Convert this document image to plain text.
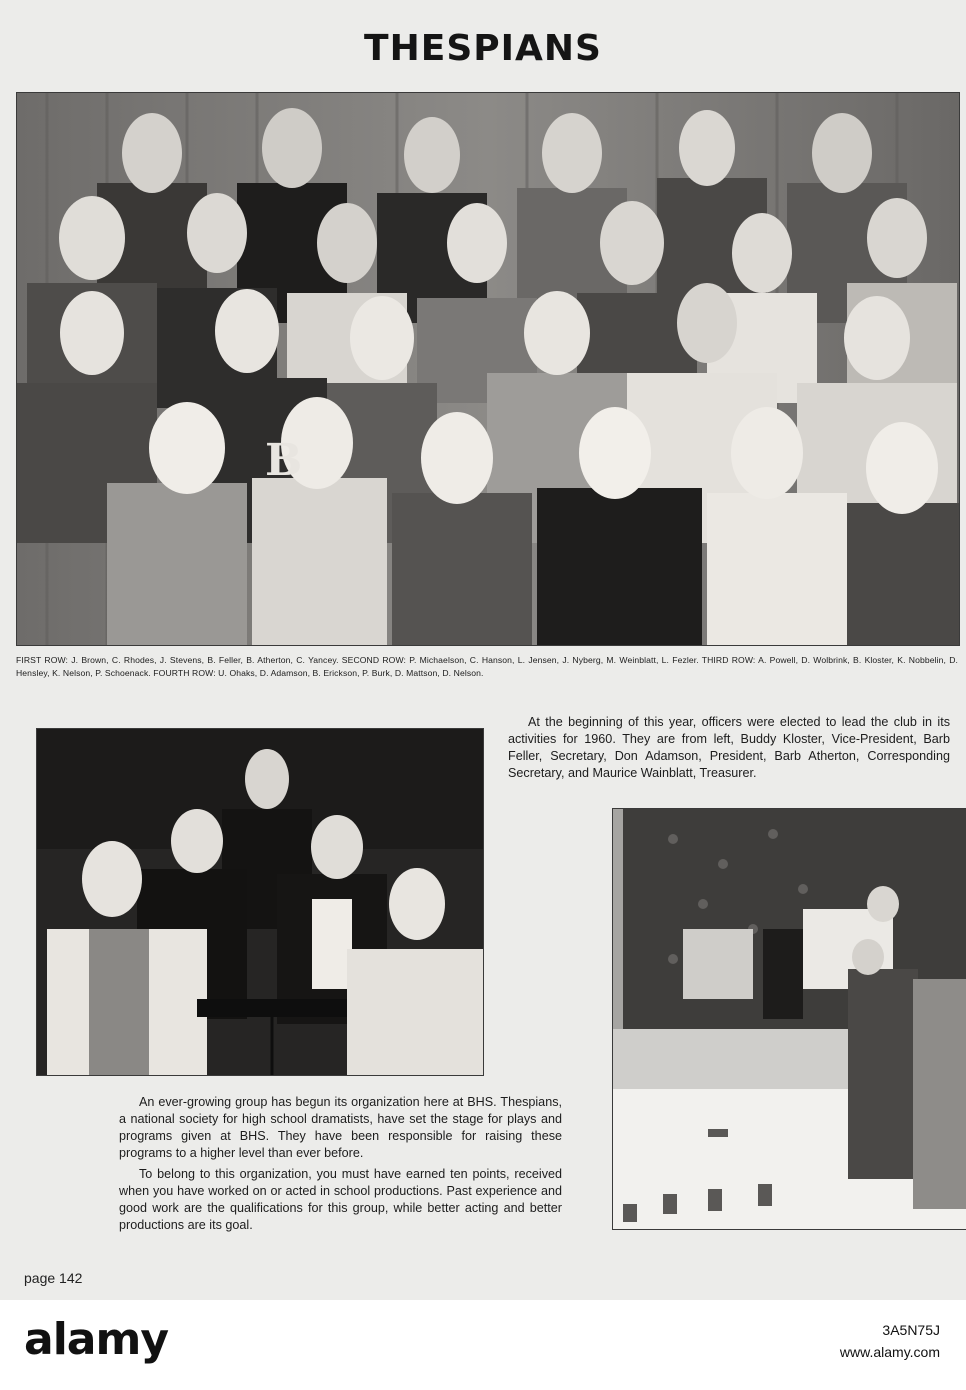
THESPIANS
B
FIRST ROW: J. Brown, C. Rhodes, J. Stevens, B. Feller, B. Atherton, C. Yancey. SECOND ROW: P. Michaelson, C. Hanson, L. Jensen, J. Nyberg, M. Weinblatt, L. Fezler. THIRD ROW: A. Powell, D. Wolbrink, B. Kloster, K. Nobbelin, D. Hensley, K. Nelson, P. Schoenack. FOURTH ROW: U. Ohaks, D. Adamson, B. Erickson, P. Burk, D. Mattson, D. Nelson.

At the beginning of this year, officers were elected to lead the club in its activities for 1960. They are from left, Buddy Kloster, Vice-President, Barb Feller, Secretary, Don Adamson, President, Barb Atherton, Corresponding Secretary, and Maurice Wainblatt, Treasurer.

An ever-growing group has begun its organization here at BHS. Thespians, a national society for high school dramatists, have set the stage for plays and programs given at BHS. They have been responsible for raising these programs to a higher level than ever before.

To belong to this organization, you must have earned ten points, received when you have worked on or acted in school productions. Past experience and good work are the qualifications for this group, while better acting and better productions are its goal.

page 142
alamy	3A5N75J
www.alamy.com
